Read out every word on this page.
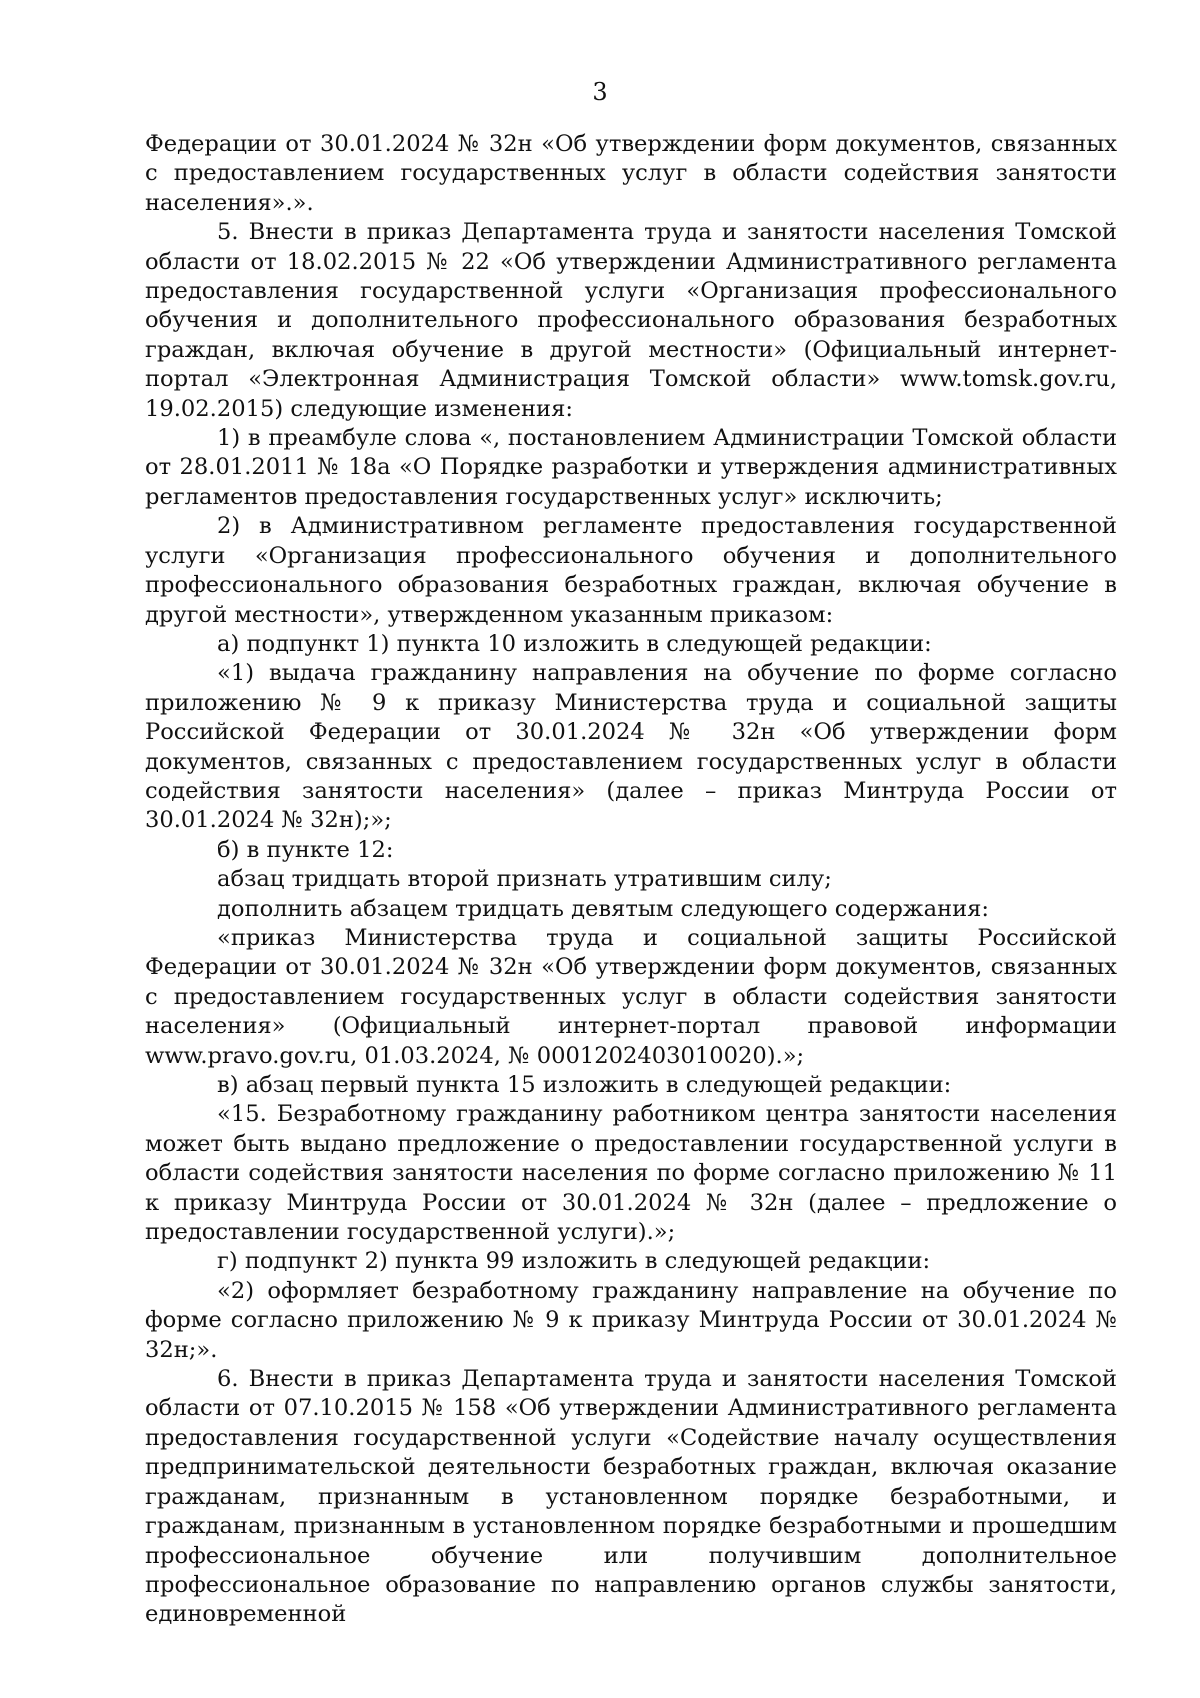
3

Федерации от 30.01.2024 № 32н «Об утверждении форм документов, связанных с предоставлением государственных услуг в области содействия занятости населения».».

5. Внести в приказ Департамента труда и занятости населения Томской области от 18.02.2015 № 22 «Об утверждении Административного регламента предоставления государственной услуги «Организация профессионального обучения и дополнительного профессионального образования безработных граждан, включая обучение в другой местности» (Официальный интернет-портал «Электронная Администрация Томской области» www.tomsk.gov.ru, 19.02.2015) следующие изменения:

1) в преамбуле слова «, постановлением Администрации Томской области от 28.01.2011 № 18а «О Порядке разработки и утверждения административных регламентов предоставления государственных услуг» исключить;

2) в Административном регламенте предоставления государственной услуги «Организация профессионального обучения и дополнительного профессионального образования безработных граждан, включая обучение в другой местности», утвержденном указанным приказом:

а) подпункт 1) пункта 10 изложить в следующей редакции:

«1) выдача гражданину направления на обучение по форме согласно приложению № 9 к приказу Министерства труда и социальной защиты Российской Федерации от 30.01.2024 № 32н «Об утверждении форм документов, связанных с предоставлением государственных услуг в области содействия занятости населения» (далее – приказ Минтруда России от 30.01.2024 № 32н);»;

б) в пункте 12:

абзац тридцать второй признать утратившим силу;

дополнить абзацем тридцать девятым следующего содержания:

«приказ Министерства труда и социальной защиты Российской Федерации от 30.01.2024 № 32н «Об утверждении форм документов, связанных с предоставлением государственных услуг в области содействия занятости населения» (Официальный интернет-портал правовой информации www.pravo.gov.ru, 01.03.2024, № 0001202403010020).»;

в) абзац первый пункта 15 изложить в следующей редакции:

«15. Безработному гражданину работником центра занятости населения может быть выдано предложение о предоставлении государственной услуги в области содействия занятости населения по форме согласно приложению № 11 к приказу Минтруда России от 30.01.2024 № 32н (далее – предложение о предоставлении государственной услуги).»;

г) подпункт 2) пункта 99 изложить в следующей редакции:

«2) оформляет безработному гражданину направление на обучение по форме согласно приложению № 9 к приказу Минтруда России от 30.01.2024 № 32н;».

6. Внести в приказ Департамента труда и занятости населения Томской области от 07.10.2015 № 158 «Об утверждении Административного регламента предоставления государственной услуги «Содействие началу осуществления предпринимательской деятельности безработных граждан, включая оказание гражданам, признанным в установленном порядке безработными, и гражданам, признанным в установленном порядке безработными и прошедшим профессиональное обучение или получившим дополнительное профессиональное образование по направлению органов службы занятости, единовременной
